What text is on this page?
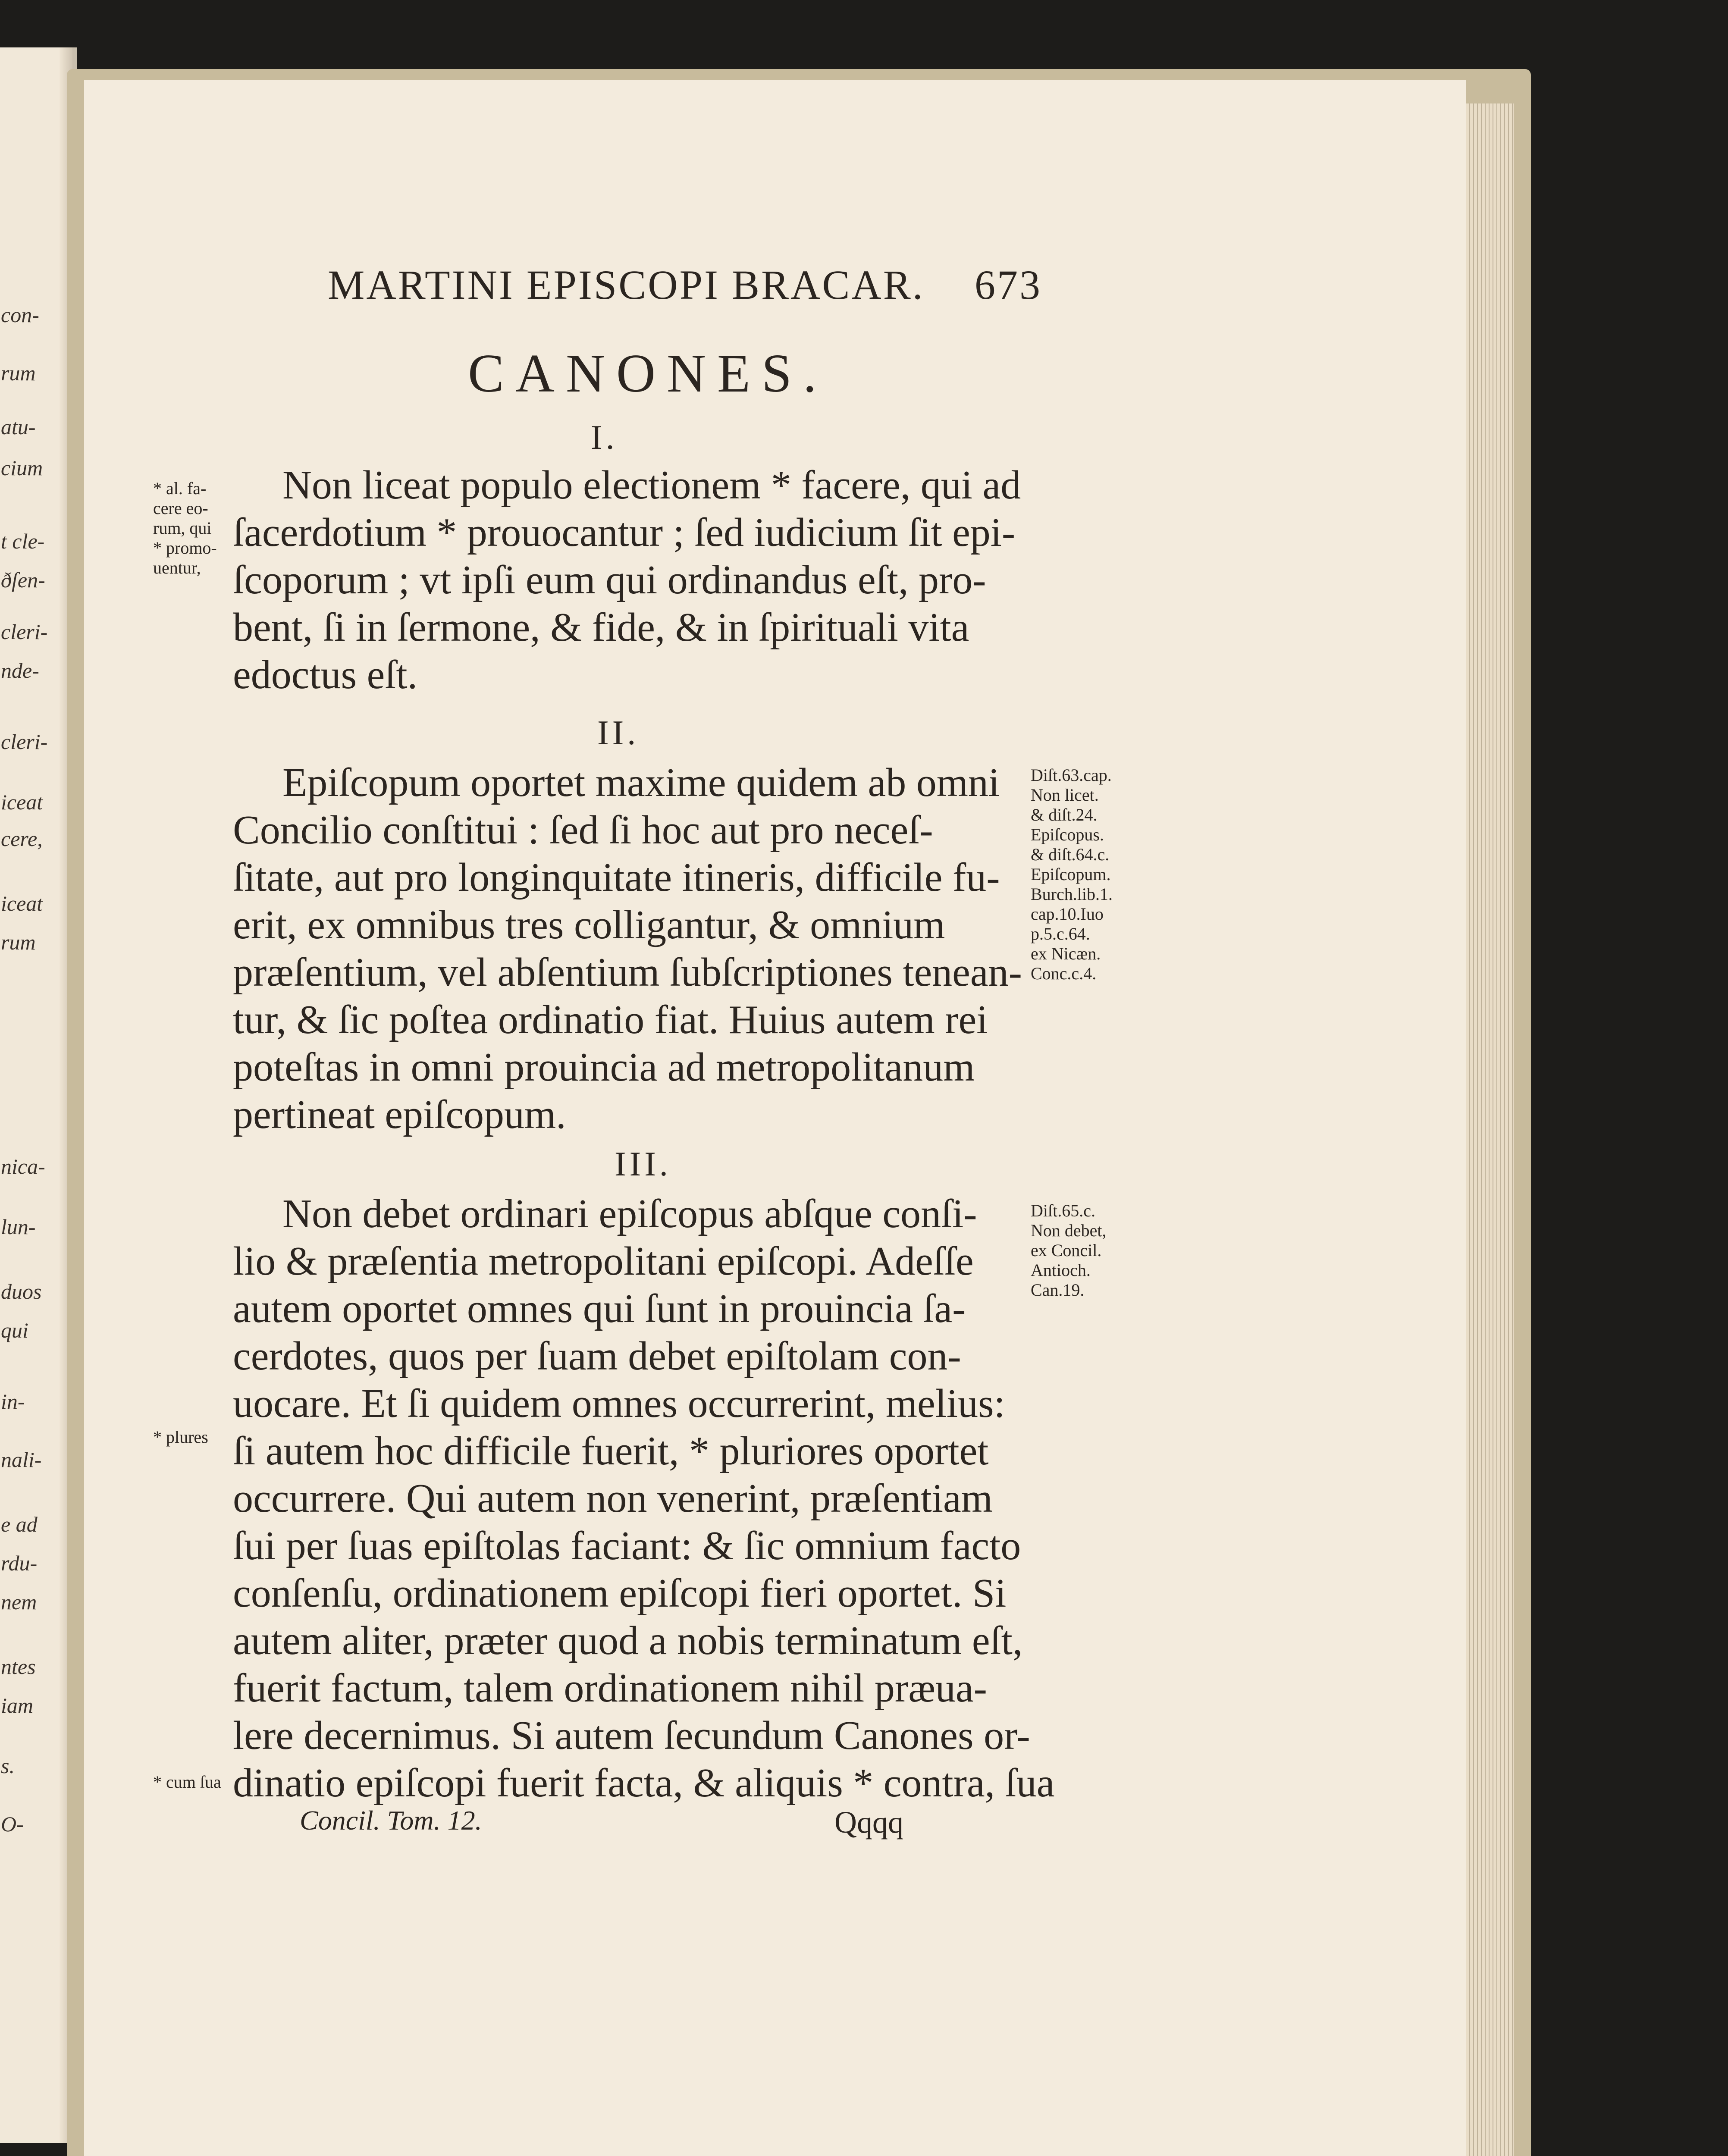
con-
rum
atu-
cium
t cle-
ðſen-
cleri-
nde-
cleri-
iceat
cere,
iceat
rum
nica-
lun-
duos
qui
in-
nali-
e ad
rdu-
nem
ntes
iam
s.
O-
MARTINI EPISCOPI BRACAR. 673
CANONES.
Concil. Tom. 12.	Qqqq
I.
Non liceat populo electionem * facere, qui ad
ſacerdotium * prouocantur ; ſed iudicium ſit epi-
ſcoporum ; vt ipſi eum qui ordinandus eſt, pro-
bent, ſi in ſermone, & fide, & in ſpirituali vita
edoctus eſt.
II.
Epiſcopum oportet maxime quidem ab omni
Concilio conſtitui : ſed ſi hoc aut pro neceſ-
ſitate, aut pro longinquitate itineris, difficile fu-
erit, ex omnibus tres colligantur, & omnium
præſentium, vel abſentium ſubſcriptiones tenean-
tur, & ſic poſtea ordinatio fiat. Huius autem rei
poteſtas in omni prouincia ad metropolitanum
pertineat epiſcopum.
III.
Non debet ordinari epiſcopus abſque conſi-
lio & præſentia metropolitani epiſcopi. Adeſſe
autem oportet omnes qui ſunt in prouincia ſa-
cerdotes, quos per ſuam debet epiſtolam con-
uocare. Et ſi quidem omnes occurrerint, melius:
ſi autem hoc difficile fuerit, * pluriores oportet
occurrere. Qui autem non venerint, præſentiam
ſui per ſuas epiſtolas faciant: & ſic omnium facto
conſenſu, ordinationem epiſcopi fieri oportet. Si
autem aliter, præter quod a nobis terminatum eſt,
fuerit factum, talem ordinationem nihil præua-
lere decernimus. Si autem ſecundum Canones or-
dinatio epiſcopi fuerit facta, & aliquis * contra, ſua
* al. fa-
cere eo-
rum, qui
* promo-
uentur,
* plures
* cum ſua
Diſt.63.cap.
Non licet.
& diſt.24.
Epiſcopus.
& diſt.64.c.
Epiſcopum.
Burch.lib.1.
cap.10.Iuo
p.5.c.64.
ex Nicæn.
Conc.c.4.
Diſt.65.c.
Non debet,
ex Concil.
Antioch.
Can.19.
